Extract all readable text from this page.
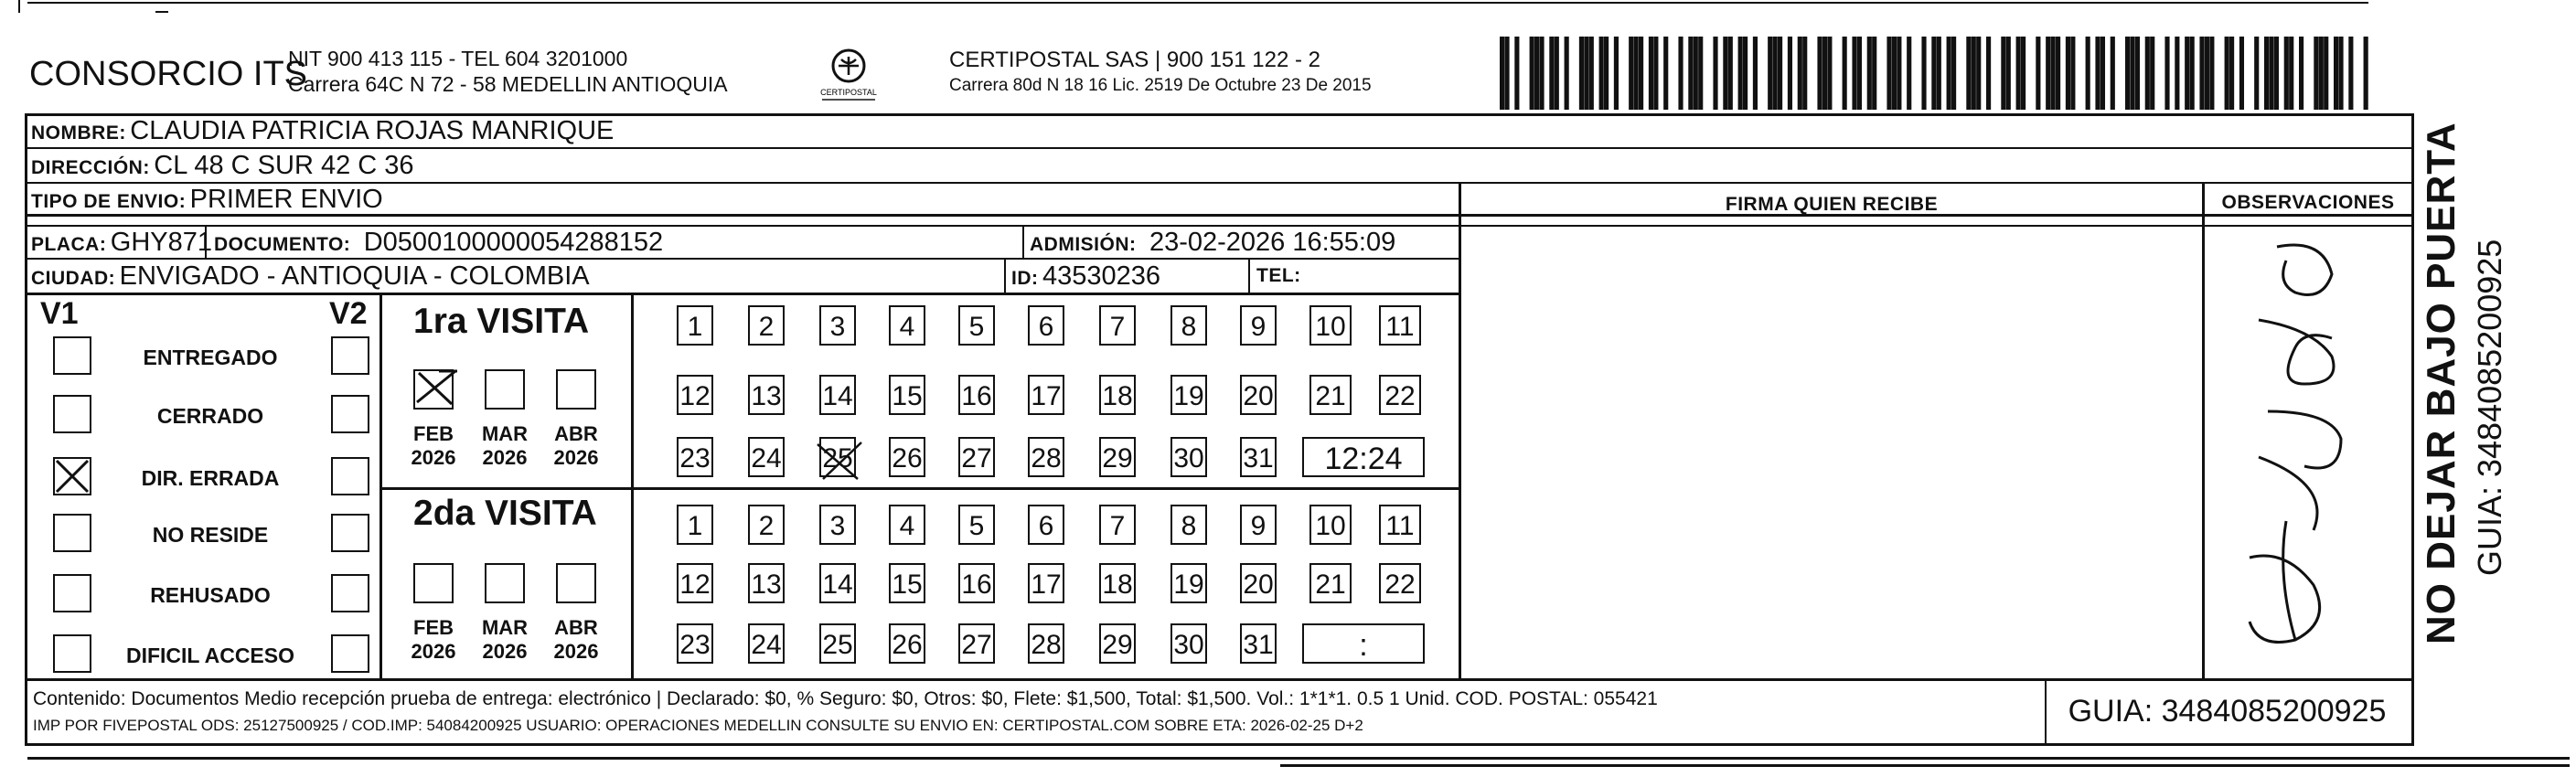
CONSORCIO ITS
NIT 900 413 115 - TEL 604 3201000
Carrera 64C N 72 - 58 MEDELLIN ANTIOQUIA	CERTIPOSTAL
CERTIPOSTAL SAS | 900 151 122 - 2
Carrera 80d N 18 16 Lic. 2519 De Octubre 23 De 2015
NOMBRE: CLAUDIA PATRICIA ROJAS MANRIQUE
DIRECCIÓN: CL 48 C SUR 42 C 36
TIPO DE ENVIO: PRIMER ENVIO
PLACA: GHY871 DOCUMENTO: D0500100000054288152	ADMISIÓN: 23-02-2026 16:55:09
CIUDAD: ENVIGADO - ANTIOQUIA - COLOMBIA	ID: 43530236	TEL:
FIRMA QUIEN RECIBE	OBSERVACIONES
V1	V2
ENTREGADO
CERRADO
DIR. ERRADA
NO RESIDE
REHUSADO
DIFICIL ACCESO
1ra VISITA
2da VISITA
1	2	3	4	5	6	7	8	9	10 11
12 13 14 15 16 17 18 19 20 21 22
23 24 25 26 27 28 29 30 31	12:24
1	2	3	4	5	6	7	8	9	10 11
12 13 14 15 16 17 18 19 20 21 22
23 24 25 26 27 28 29 30 31	:
FEB
2026
MAR
2026
ABR
2026
FEB
2026
MAR
2026
ABR
2026
Contenido: Documentos Medio recepción prueba de entrega: electrónico | Declarado: $0, % Seguro: $0, Otros: $0, Flete: $1,500, Total: $1,500. Vol.: 1*1*1. 0.5 1 Unid. COD. POSTAL: 055421
IMP POR FIVEPOSTAL ODS: 25127500925 / COD.IMP: 54084200925 USUARIO: OPERACIONES MEDELLIN CONSULTE SU ENVIO EN: CERTIPOSTAL.COM SOBRE ETA: 2026-02-25 D+2	GUIA: 3484085200925
NO DEJAR BAJO PUERTA GUIA: 3484085200925
